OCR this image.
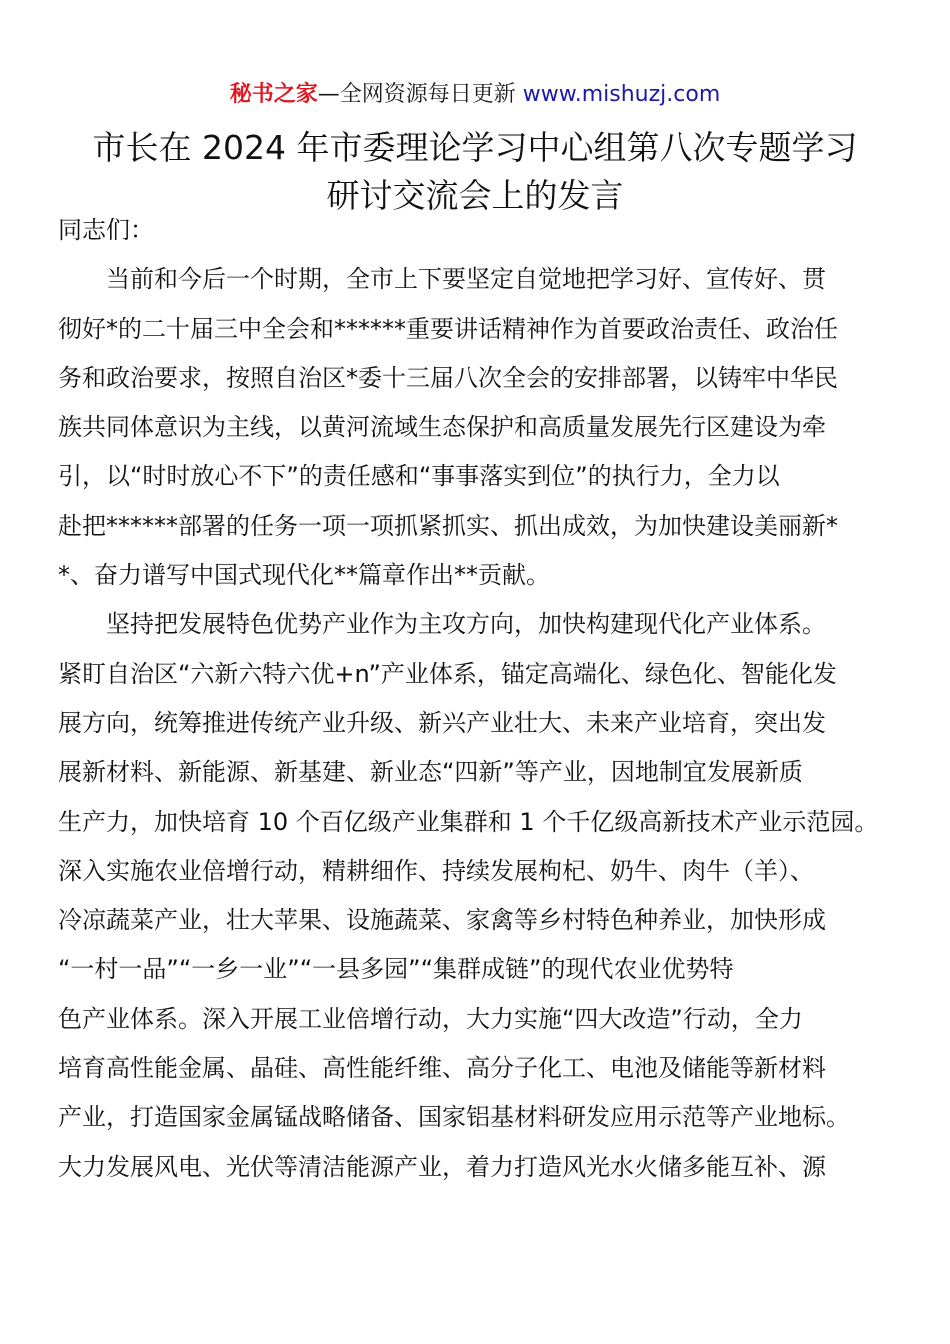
秘书之家—全网资源每日更新 www.mishuzj.com
市长在 2024 年市委理论学习中心组第八次专题学习
研讨交流会上的发言
同志们：
当前和今后一个时期，全市上下要坚定自觉地把学习好、宣传好、贯
彻好*的二十届三中全会和******重要讲话精神作为首要政治责任、政治任
务和政治要求，按照自治区*委十三届八次全会的安排部署，以铸牢中华民
族共同体意识为主线，以黄河流域生态保护和高质量发展先行区建设为牵
引，以“时时放心不下”的责任感和“事事落实到位”的执行力，全力以
赴把******部署的任务一项一项抓紧抓实、抓出成效，为加快建设美丽新*
*、奋力谱写中国式现代化**篇章作出**贡献。
坚持把发展特色优势产业作为主攻方向，加快构建现代化产业体系。
紧盯自治区“六新六特六优+n”产业体系，锚定高端化、绿色化、智能化发
展方向，统筹推进传统产业升级、新兴产业壮大、未来产业培育，突出发
展新材料、新能源、新基建、新业态“四新”等产业，因地制宜发展新质
生产力，加快培育 10 个百亿级产业集群和 1 个千亿级高新技术产业示范园。
深入实施农业倍增行动，精耕细作、持续发展枸杞、奶牛、肉牛（羊）、
冷凉蔬菜产业，壮大苹果、设施蔬菜、家禽等乡村特色种养业，加快形成
“一村一品”“一乡一业”“一县多园”“集群成链”的现代农业优势特
色产业体系。深入开展工业倍增行动，大力实施“四大改造”行动，全力
培育高性能金属、晶硅、高性能纤维、高分子化工、电池及储能等新材料
产业，打造国家金属锰战略储备、国家铝基材料研发应用示范等产业地标。
大力发展风电、光伏等清洁能源产业，着力打造风光水火储多能互补、源
